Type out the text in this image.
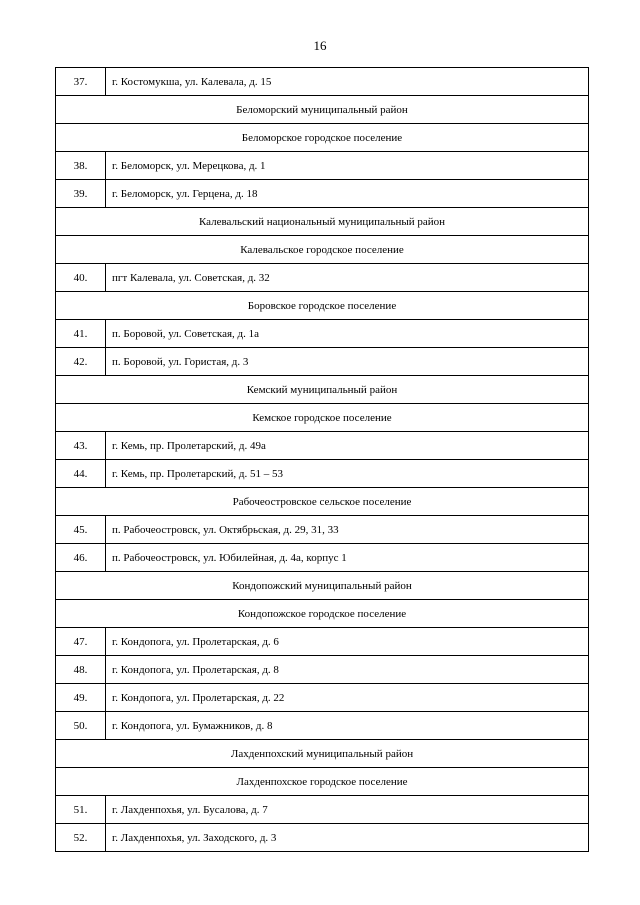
16
37.	г. Костомукша, ул. Калевала, д. 15
Беломорский муниципальный район	
Беломорское городское поселение	
38.	г. Беломорск, ул. Мерецкова, д. 1
39.	г. Беломорск, ул. Герцена, д. 18
Калевальский национальный муниципальный район	
Калевальское городское поселение	
40.	пгт Калевала, ул. Советская, д. 32
Боровское городское поселение	
41.	п. Боровой, ул. Советская, д. 1а
42.	п. Боровой, ул. Гористая, д. 3
Кемский муниципальный район	
Кемское городское поселение	
43.	г. Кемь, пр. Пролетарский, д. 49а
44.	г. Кемь, пр. Пролетарский, д. 51 – 53
Рабочеостровское сельское поселение	
45.	п. Рабочеостровск, ул. Октябрьская, д. 29, 31, 33
46.	п. Рабочеостровск, ул. Юбилейная, д. 4а, корпус 1
Кондопожский муниципальный район	
Кондопожское городское поселение	
47.	г. Кондопога, ул. Пролетарская, д. 6
48.	г. Кондопога, ул. Пролетарская, д. 8
49.	г. Кондопога, ул. Пролетарская, д. 22
50.	г. Кондопога, ул. Бумажников, д. 8
Лахденпохский муниципальный район	
Лахденпохское городское поселение	
51.	г. Лахденпохья, ул. Бусалова, д. 7
52.	г. Лахденпохья, ул. Заходского, д. 3
